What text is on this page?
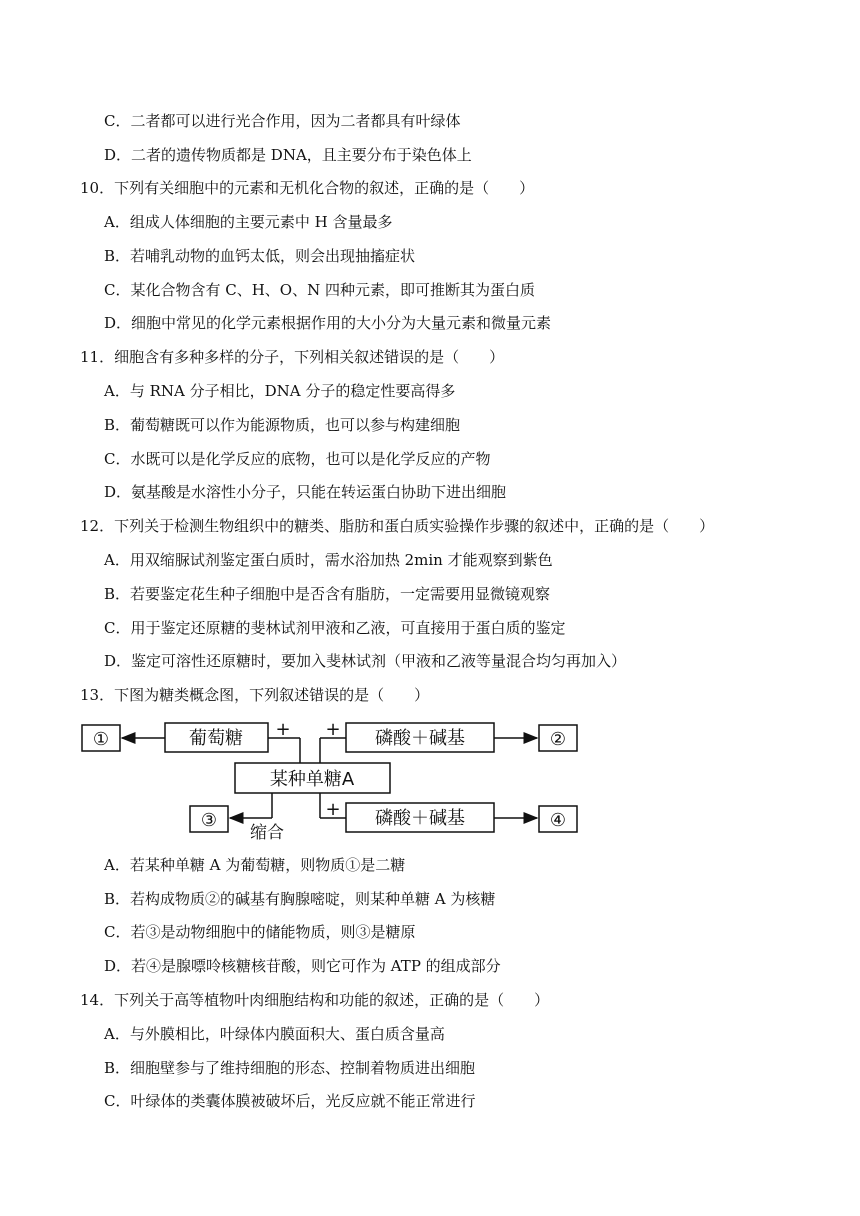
C．二者都可以进行光合作用，因为二者都具有叶绿体
D．二者的遗传物质都是 DNA，且主要分布于染色体上
10．下列有关细胞中的元素和无机化合物的叙述，正确的是（　　）
A．组成人体细胞的主要元素中 H 含量最多
B．若哺乳动物的血钙太低，则会出现抽搐症状
C．某化合物含有 C、H、O、N 四种元素，即可推断其为蛋白质
D．细胞中常见的化学元素根据作用的大小分为大量元素和微量元素
11．细胞含有多种多样的分子，下列相关叙述错误的是（　　）
A．与 RNA 分子相比，DNA 分子的稳定性要高得多
B．葡萄糖既可以作为能源物质，也可以参与构建细胞
C．水既可以是化学反应的底物，也可以是化学反应的产物
D．氨基酸是水溶性小分子，只能在转运蛋白协助下进出细胞
12．下列关于检测生物组织中的糖类、脂肪和蛋白质实验操作步骤的叙述中，正确的是（　　）
A．用双缩脲试剂鉴定蛋白质时，需水浴加热 2min 才能观察到紫色
B．若要鉴定花生种子细胞中是否含有脂肪，一定需要用显微镜观察
C．用于鉴定还原糖的斐林试剂甲液和乙液，可直接用于蛋白质的鉴定
D．鉴定可溶性还原糖时，要加入斐林试剂（甲液和乙液等量混合均匀再加入）
13．下图为糖类概念图，下列叙述错误的是（　　）
①	葡萄糖	磷酸＋碱基	②
某种单糖A
③
缩合
磷酸＋碱基	④
+ +
+
A．若某种单糖 A 为葡萄糖，则物质①是二糖
B．若构成物质②的碱基有胸腺嘧啶，则某种单糖 A 为核糖
C．若③是动物细胞中的储能物质，则③是糖原
D．若④是腺嘌呤核糖核苷酸，则它可作为 ATP 的组成部分
14．下列关于高等植物叶肉细胞结构和功能的叙述，正确的是（　　）
A．与外膜相比，叶绿体内膜面积大、蛋白质含量高
B．细胞壁参与了维持细胞的形态、控制着物质进出细胞
C．叶绿体的类囊体膜被破坏后，光反应就不能正常进行
